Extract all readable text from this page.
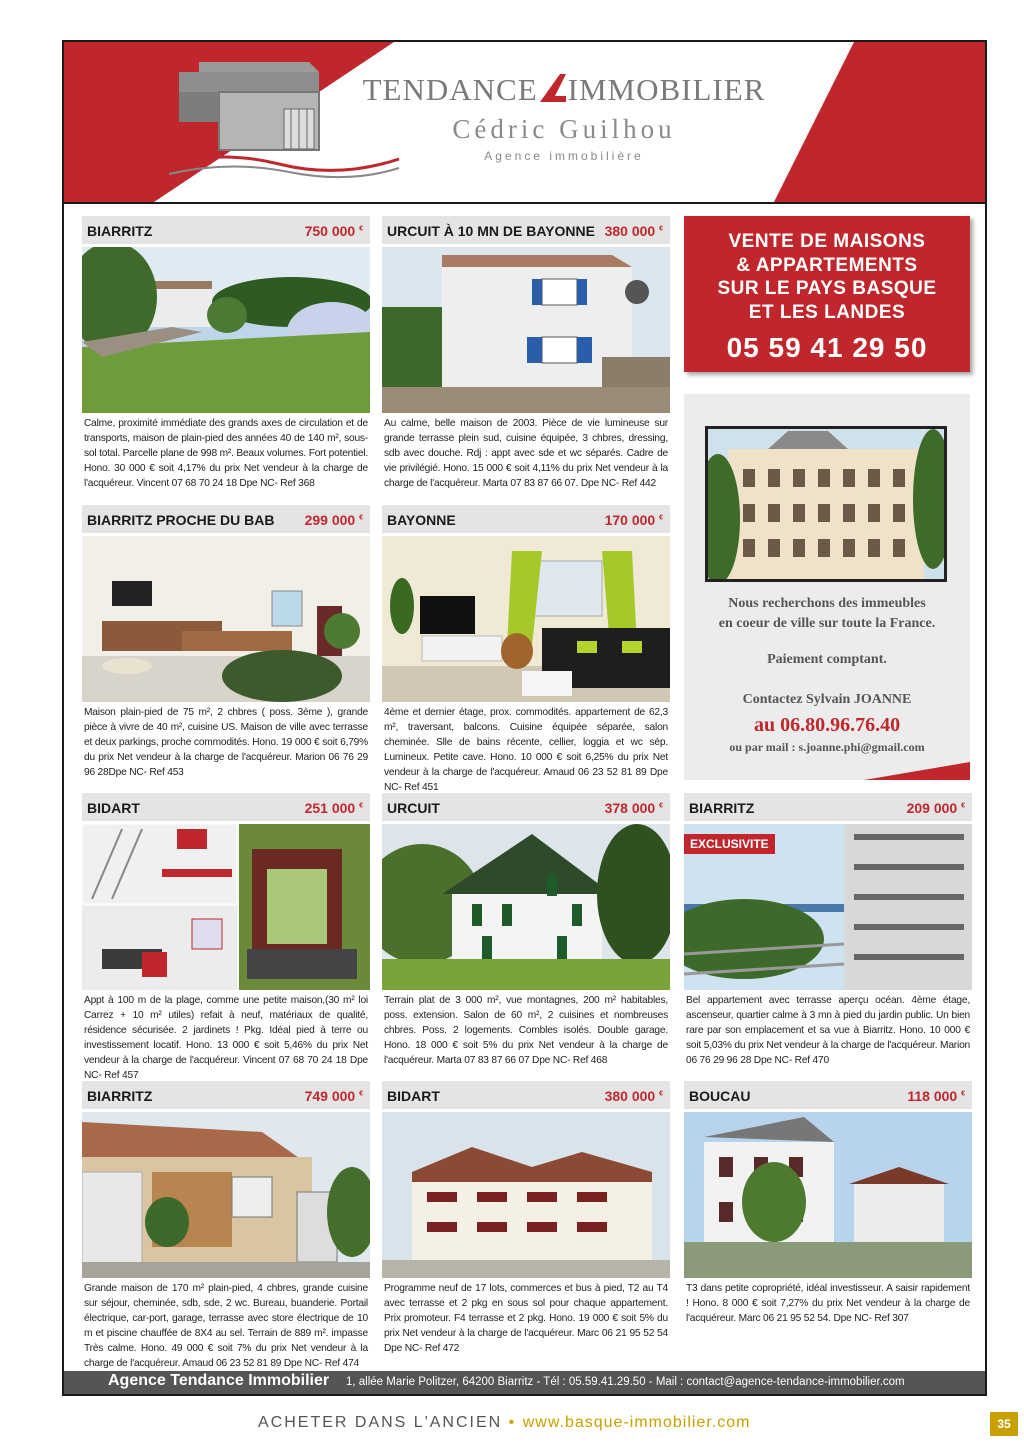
TENDANCE IMMOBILIER
Cédric Guilhou
Agence immobilière
BIARRITZ	750 000 €
Calme, proximité immédiate des grands axes de circulation et de transports, maison de plain-pied des années 40 de 140 m², sous-sol total. Parcelle plane de 998 m². Beaux volumes. Fort potentiel. Hono. 30 000 € soit 4,17% du prix Net vendeur à la charge de l'acquéreur. Vincent 07 68 70 24 18 Dpe NC- Ref 368
URCUIT À 10 MN DE BAYONNE 380 000 €
Au calme, belle maison de 2003. Pièce de vie lumineuse sur grande terrasse plein sud, cuisine équipée, 3 chbres, dressing, sdb avec douche. Rdj : appt avec sde et wc séparés. Cadre de vie privilégié. Hono. 15 000 € soit 4,11% du prix Net vendeur à la charge de l'acquéreur. Marta 07 83 87 66 07. Dpe NC- Ref 442
VENTE DE MAISONS
& APPARTEMENTS
SUR LE PAYS BASQUE
ET LES LANDES
05 59 41 29 50
BIARRITZ PROCHE DU BAB 299 000 €
Maison plain-pied de 75 m², 2 chbres ( poss. 3ème ), grande pièce à vivre de 40 m², cuisine US. Maison de ville avec terrasse et deux parkings, proche commodités. Hono. 19 000 € soit 6,79% du prix Net vendeur à la charge de l'acquéreur. Marion 06 76 29 96 28Dpe NC- Ref 453
BAYONNE	170 000 €
4ème et dernier étage, prox. commodités. appartement de 62,3 m², traversant, balcons. Cuisine équipée séparée, salon cheminée. Slle de bains récente, cellier, loggia et wc sép. Lumineux. Petite cave. Hono. 10 000 € soit 6,25% du prix Net vendeur à la charge de l'acquéreur. Amaud 06 23 52 81 89 Dpe NC- Ref 451
Nous recherchons des immeubles
en coeur de ville sur toute la France.
Paiement comptant.
Contactez Sylvain JOANNE
au 06.80.96.76.40
ou par mail : s.joanne.phi@gmail.com
BIDART	251 000 €
Appt à 100 m de la plage, comme une petite maison,(30 m² loi Carrez + 10 m² utiles) refait à neuf, matériaux de qualité, résidence sécurisée. 2 jardinets ! Pkg. Idéal pied à terre ou investissement locatif. Hono. 13 000 € soit 5,46% du prix Net vendeur à la charge de l'acquéreur. Vincent 07 68 70 24 18 Dpe NC- Ref 457
URCUIT	378 000 €
Terrain plat de 3 000 m², vue montagnes, 200 m² habitables, poss. extension. Salon de 60 m², 2 cuisines et nombreuses chbres. Poss. 2 logements. Combles isolés. Double garage. Hono. 18 000 € soit 5% du prix Net vendeur à la charge de l'acquéreur. Marta 07 83 87 66 07 Dpe NC- Ref 468
BIARRITZ	209 000 €
EXCLUSIVITE
Bel appartement avec terrasse aperçu océan. 4ème étage, ascenseur, quartier calme à 3 mn à pied du jardin public. Un bien rare par son emplacement et sa vue à Biarritz. Hono. 10 000 € soit 5,03% du prix Net vendeur à la charge de l'acquéreur. Marion 06 76 29 96 28 Dpe NC- Ref 470
BIARRITZ	749 000 €
Grande maison de 170 m² plain-pied, 4 chbres, grande cuisine sur séjour, cheminée, sdb, sde, 2 wc. Bureau, buanderie. Portail électrique, car-port, garage, terrasse avec store électrique de 10 m et piscine chauffée de 8X4 au sel. Terrain de 889 m². impasse Très calme. Hono. 49 000 € soit 7% du prix Net vendeur à la charge de l'acquéreur. Amaud 06 23 52 81 89 Dpe NC- Ref 474
BIDART	380 000 €
Programme neuf de 17 lots, commerces et bus à pied, T2 au T4 avec terrasse et 2 pkg en sous sol pour chaque appartement. Prix promoteur. F4 terrasse et 2 pkg. Hono. 19 000 € soit 5% du prix Net vendeur à la charge de l'acquéreur. Marc 06 21 95 52 54 Dpe NC- Ref 472
BOUCAU	118 000 €
T3 dans petite copropriété, idéal investisseur. A saisir rapidement ! Hono. 8 000 € soit 7,27% du prix Net vendeur à la charge de l'acquéreur. Marc 06 21 95 52 54. Dpe NC- Ref 307
Agence Tendance Immobilier 1, allée Marie Politzer, 64200 Biarritz - Tél : 05.59.41.29.50 - Mail : contact@agence-tendance-immobilier.com
ACHETER DANS L'ANCIEN • www.basque-immobilier.com	35
